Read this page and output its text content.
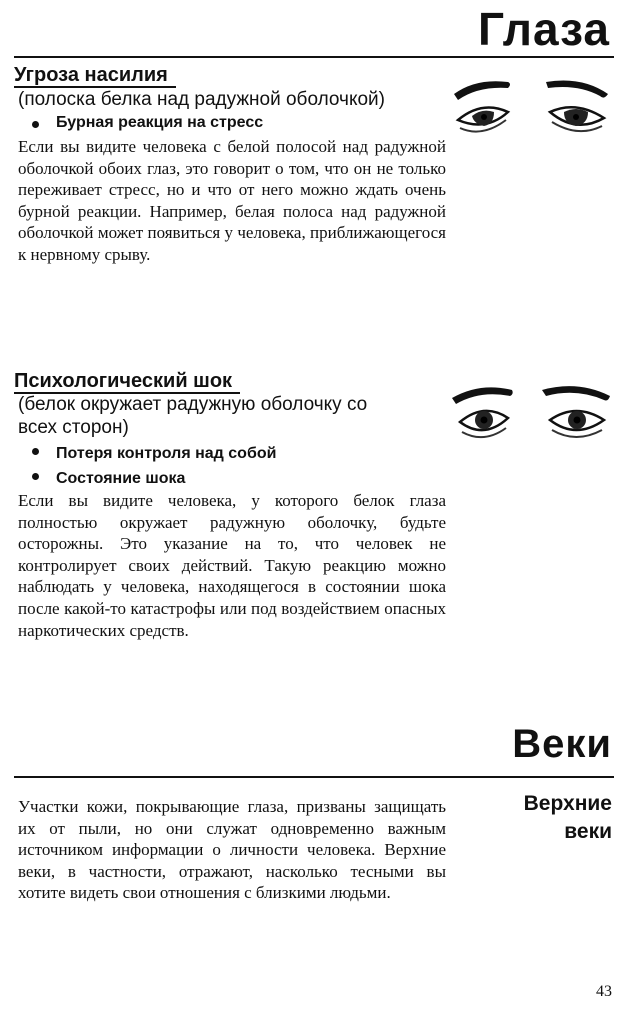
Глаза
Угроза насилия

(полоска белка над радужной оболочкой)

Бурная реакция на стресс

Если вы видите человека с белой полосой над радужной оболочкой обоих глаз, это говорит о том, что он не только переживает стресс, но и что от него можно ждать очень бурной реакции. Например, белая полоса над радужной оболочкой может появиться у человека, приближающегося к нервному срыву.

Психологический шок

(белок окружает радужную оболочку со всех сторон)

Потеря контроля над собой
Состояние шока

Если вы видите человека, у которого белок глаза полностью окружает радужную оболочку, будьте осторожны. Это указание на то, что человек не контролирует своих действий. Такую реакцию можно наблюдать у человека, находящегося в состоянии шока после какой-то катастрофы или под воздействием опасных наркотических средств.

Веки
Верхние веки

Участки кожи, покрывающие глаза, призваны защищать их от пыли, но они служат одновременно важным источником информации о личности человека. Верхние веки, в частности, отражают, насколько тесными вы хотите видеть свои отношения с близкими людьми.

43
